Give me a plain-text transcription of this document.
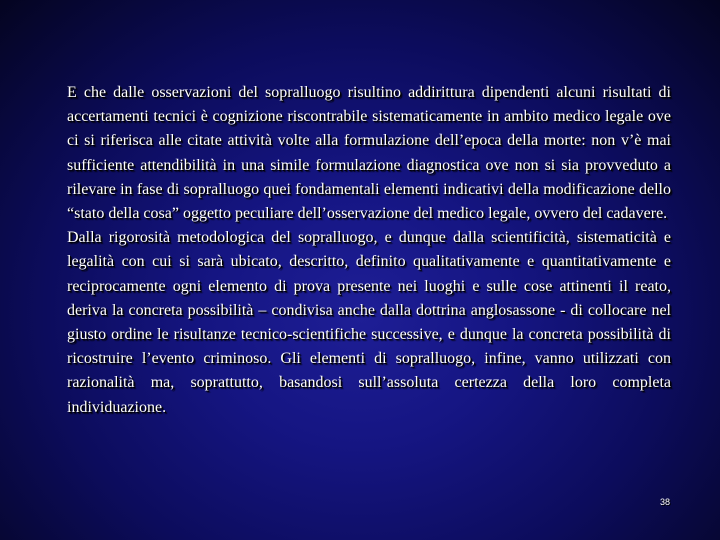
E che dalle osservazioni del sopralluogo risultino addirittura dipendenti alcuni risultati di accertamenti tecnici è cognizione riscontrabile sistematicamente in ambito medico legale ove ci si riferisca alle citate attività volte alla formulazione dell’epoca della morte: non v’è mai sufficiente attendibilità in una simile formulazione diagnostica ove non si sia provveduto a rilevare in fase di sopralluogo quei fondamentali elementi indicativi della modificazione dello “stato della cosa” oggetto peculiare dell’osservazione del medico legale, ovvero del cadavere.

Dalla rigorosità metodologica del sopralluogo, e dunque dalla scientificità, sistematicità e legalità con cui si sarà ubicato, descritto, definito qualitativamente e quantitativamente e reciprocamente ogni elemento di prova presente nei luoghi e sulle cose attinenti il reato, deriva la concreta possibilità – condivisa anche dalla dottrina anglosassone - di collocare nel giusto ordine le risultanze tecnico-scientifiche successive, e dunque la concreta possibilità di ricostruire l’evento criminoso. Gli elementi di sopralluogo, infine, vanno utilizzati con razionalità ma, soprattutto, basandosi sull’assoluta certezza della loro completa individuazione.

38
